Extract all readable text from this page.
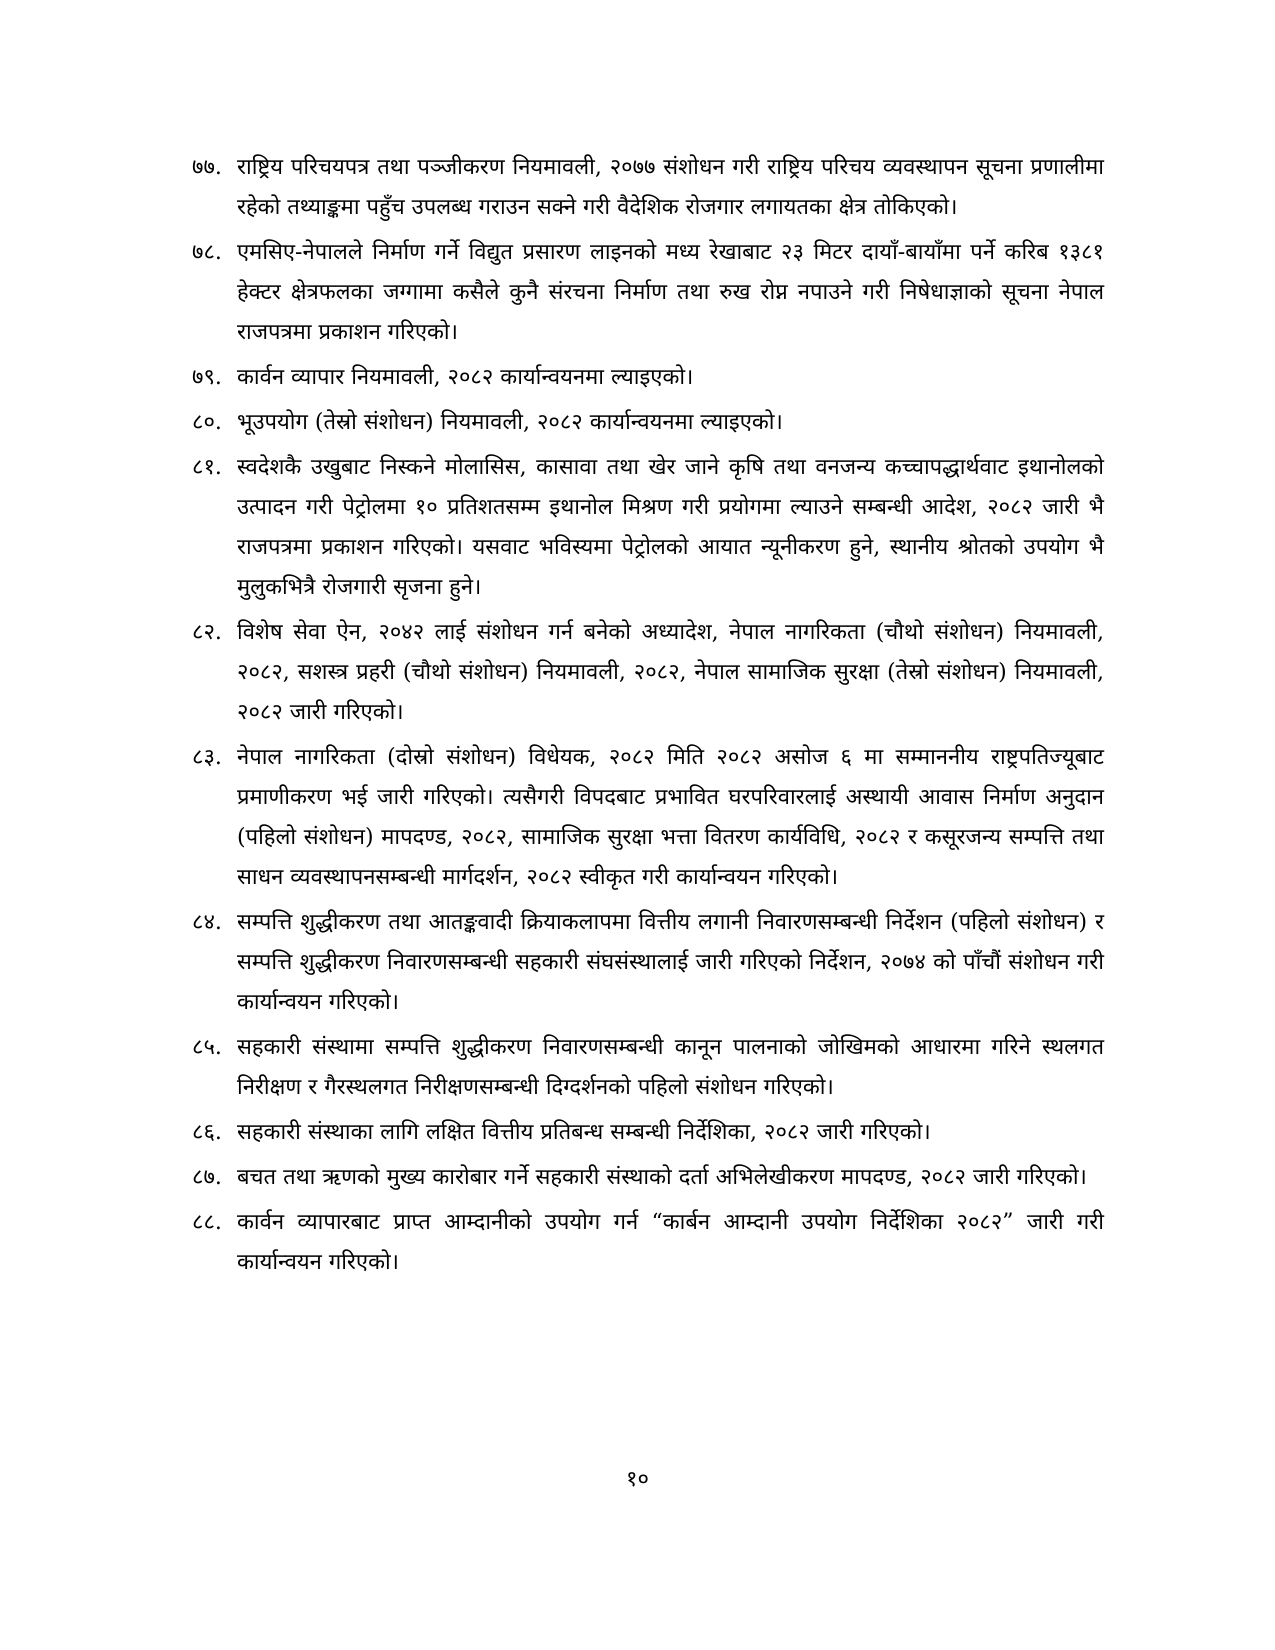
७७. राष्ट्रिय परिचयपत्र तथा पञ्जीकरण नियमावली, २०७७ संशोधन गरी राष्ट्रिय परिचय व्यवस्थापन सूचना प्रणालीमा रहेको तथ्याङ्कमा पहुँच उपलब्ध गराउन सक्ने गरी वैदेशिक रोजगार लगायतका क्षेत्र तोकिएको।
७८. एमसिए-नेपालले निर्माण गर्ने विद्युत प्रसारण लाइनको मध्य रेखाबाट २३ मिटर दायाँ-बायाँमा पर्ने करिब १३८१ हेक्टर क्षेत्रफलका जग्गामा कसैले कुनै संरचना निर्माण तथा रुख रोप्न नपाउने गरी निषेधाज्ञाको सूचना नेपाल राजपत्रमा प्रकाशन गरिएको।
७९. कार्वन व्यापार नियमावली, २०८२ कार्यान्वयनमा ल्याइएको।
८०. भूउपयोग (तेस्रो संशोधन) नियमावली, २०८२ कार्यान्वयनमा ल्याइएको।
८१. स्वदेशकै उखुबाट निस्कने मोलासिस, कासावा तथा खेर जाने कृषि तथा वनजन्य कच्चापद्धार्थवाट इथानोलको उत्पादन गरी पेट्रोलमा १० प्रतिशतसम्म इथानोल मिश्रण गरी प्रयोगमा ल्याउने सम्बन्धी आदेश, २०८२ जारी भै राजपत्रमा प्रकाशन गरिएको। यसवाट भविस्यमा पेट्रोलको आयात न्यूनीकरण हुने, स्थानीय श्रोतको उपयोग भै मुलुकभित्रै रोजगारी सृजना हुने।
८२. विशेष सेवा ऐन, २०४२ लाई संशोधन गर्न बनेको अध्यादेश, नेपाल नागरिकता (चौथो संशोधन) नियमावली, २०८२, सशस्त्र प्रहरी (चौथो संशोधन) नियमावली, २०८२, नेपाल सामाजिक सुरक्षा (तेस्रो संशोधन) नियमावली, २०८२ जारी गरिएको।
८३. नेपाल नागरिकता (दोस्रो संशोधन) विधेयक, २०८२ मिति २०८२ असोज ६ मा सम्माननीय राष्ट्रपतिज्यूबाट प्रमाणीकरण भई जारी गरिएको। त्यसैगरी विपदबाट प्रभावित घरपरिवारलाई अस्थायी आवास निर्माण अनुदान (पहिलो संशोधन) मापदण्ड, २०८२, सामाजिक सुरक्षा भत्ता वितरण कार्यविधि, २०८२ र कसूरजन्य सम्पत्ति तथा साधन व्यवस्थापनसम्बन्धी मार्गदर्शन, २०८२ स्वीकृत गरी कार्यान्वयन गरिएको।
८४. सम्पत्ति शुद्धीकरण तथा आतङ्कवादी क्रियाकलापमा वित्तीय लगानी निवारणसम्बन्धी निर्देशन (पहिलो संशोधन) र सम्पत्ति शुद्धीकरण निवारणसम्बन्धी सहकारी संघसंस्थालाई जारी गरिएको निर्देशन, २०७४ को पाँचौं संशोधन गरी कार्यान्वयन गरिएको।
८५. सहकारी संस्थामा सम्पत्ति शुद्धीकरण निवारणसम्बन्धी कानून पालनाको जोखिमको आधारमा गरिने स्थलगत निरीक्षण र गैरस्थलगत निरीक्षणसम्बन्धी दिग्दर्शनको पहिलो संशोधन गरिएको।
८६. सहकारी संस्थाका लागि लक्षित वित्तीय प्रतिबन्ध सम्बन्धी निर्देशिका, २०८२ जारी गरिएको।
८७. बचत तथा ऋणको मुख्य कारोबार गर्ने सहकारी संस्थाको दर्ता अभिलेखीकरण मापदण्ड, २०८२ जारी गरिएको।
८८. कार्वन व्यापारबाट प्राप्त आम्दानीको उपयोग गर्न “कार्बन आम्दानी उपयोग निर्देशिका २०८२” जारी गरी कार्यान्वयन गरिएको।
१०
